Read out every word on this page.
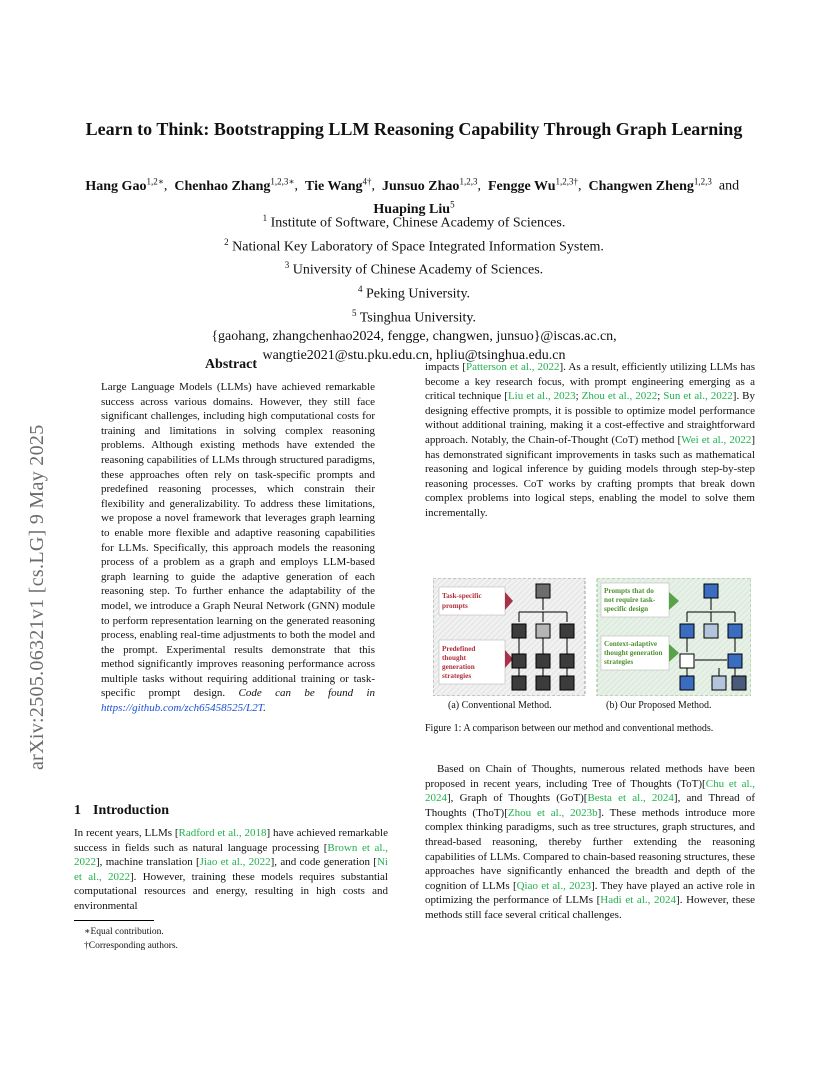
arXiv:2505.06321v1 [cs.LG] 9 May 2025
Learn to Think: Bootstrapping LLM Reasoning Capability Through Graph Learning
Hang Gao$^{1,2∗}$,  Chenhao Zhang$^{1,2,3∗}$,  Tie Wang$^{4\dagger}$,  Junsuo Zhao$^{1,2,3}$,  Fengge $Wu^{1,2,3\dagger}$,  Changwen Zheng$^{1,2,3}$ and  Huaping Liu$^5$
$^1$ Institute of Software, Chinese Academy of Sciences.
$^2$ National Key Laboratory of Space Integrated Information System.
$^3$ University of Chinese Academy of Sciences.
$^4$ Peking University.
$^5$ Tsinghua University.
{gaohang, zhangchenhao2024, fengge, changwen, junsuo}@iscas.ac.cn,
wangtie2021@stu.pku.edu.cn, hpliu@tsinghua.edu.cn
Abstract

Large Language Models (LLMs) have achieved remarkable success across various domains. However, they still face significant challenges, including high computational costs for training and limitations in solving complex reasoning problems. Although existing methods have extended the reasoning capabilities of LLMs through structured paradigms, these approaches often rely on task-specific prompts and predefined reasoning processes, which constrain their flexibility and generalizability. To address these limitations, we propose a novel framework that leverages graph learning to enable more flexible and adaptive reasoning capabilities for LLMs. Specifically, this approach models the reasoning process of a problem as a graph and employs LLM-based graph learning to guide the adaptive generation of each reasoning step. To further enhance the adaptability of the model, we introduce a Graph Neural Network (GNN) module to perform representation learning on the generated reasoning process, enabling real-time adjustments to both the model and the prompt. Experimental results demonstrate that this method significantly improves reasoning performance across multiple tasks without requiring additional training or task-specific prompt design. Code can be found in https://github.com/zch65458525/L2T.

1 Introduction

In recent years, LLMs [Radford et al., 2018] have achieved remarkable success in fields such as natural language processing [Brown et al., 2022], machine translation [Jiao et al., 2022], and code generation [Ni et al., 2022]. However, training these models requires substantial computational resources and energy, resulting in high costs and environmental

∗Equal contribution.
†Corresponding authors.

impacts [Patterson et al., 2022]. As a result, efficiently utilizing LLMs has become a key research focus, with prompt engineering emerging as a critical technique [Liu et al., 2023; Zhou et al., 2022; Sun et al., 2022]. By designing effective prompts, it is possible to optimize model performance without additional training, making it a cost-effective and straightforward approach. Notably, the Chain-of-Thought (CoT) method [Wei et al., 2022] has demonstrated significant improvements in tasks such as mathematical reasoning and logical inference by guiding models through step-by-step reasoning processes. CoT works by crafting prompts that break down complex problems into logical steps, enabling the model to solve them incrementally.

Task-specific prompts
Predefined thought generation strategies
Prompts that do not require task-specific design
Context-adaptive thought generation strategies
(a) Conventional Method.	(b) Our Proposed Method.
Figure 1: A comparison between our method and conventional methods.

Based on Chain of Thoughts, numerous related methods have been proposed in recent years, including Tree of Thoughts (ToT)[Chu et al., 2024], Graph of Thoughts (GoT)[Besta et al., 2024], and Thread of Thoughts (ThoT)[Zhou et al., 2023b]. These methods introduce more complex thinking paradigms, such as tree structures, graph structures, and thread-based reasoning, thereby further extending the reasoning capabilities of LLMs. Compared to chain-based reasoning structures, these approaches have significantly enhanced the breadth and depth of the cognition of LLMs [Qiao et al., 2023]. They have played an active role in optimizing the performance of LLMs [Hadi et al., 2024]. However, these methods still face several critical challenges.
